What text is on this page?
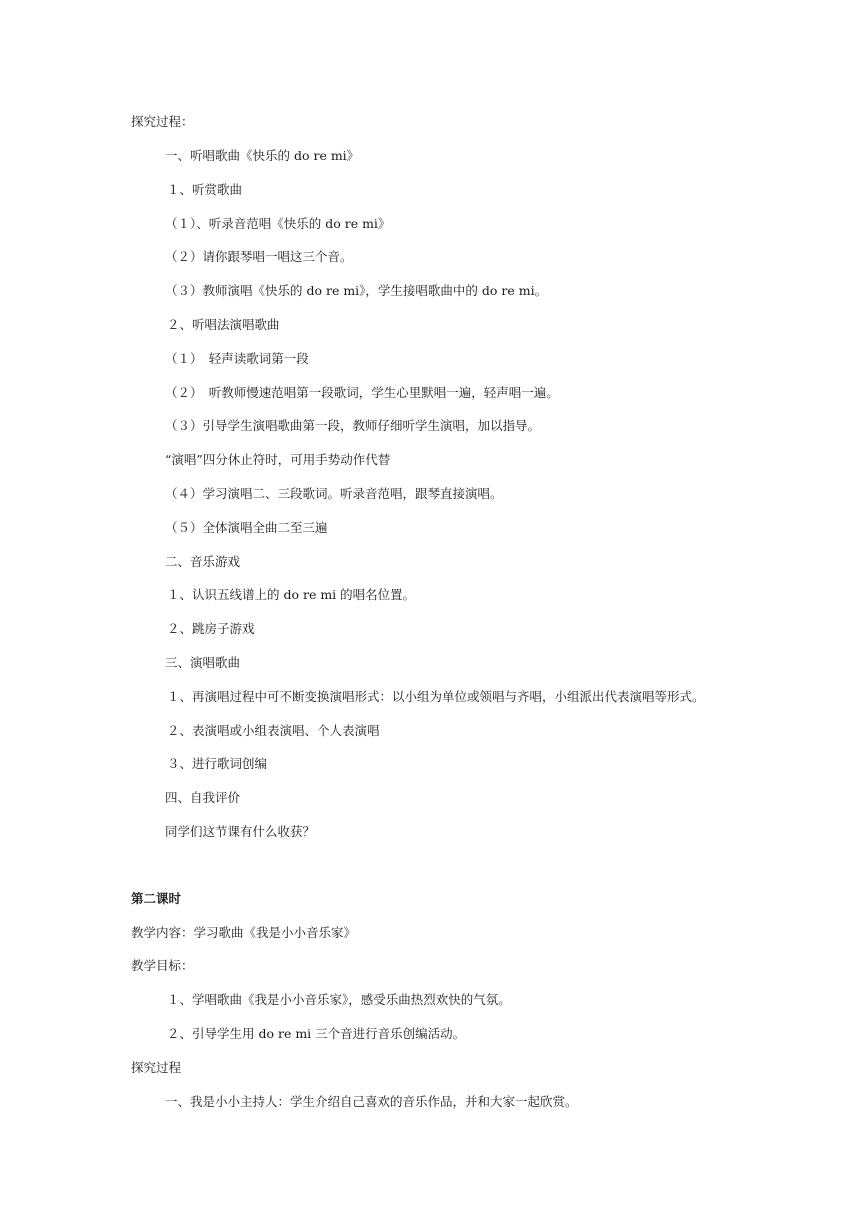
探究过程：
一、听唱歌曲《快乐的 do re mi》
１、听赏歌曲
（１）、听录音范唱《快乐的 do re mi》
（２）请你跟琴唱一唱这三个音。
（３）教师演唱《快乐的 do re mi》，学生接唱歌曲中的 do re mi。
２、听唱法演唱歌曲
（１）　轻声读歌词第一段
（２）　听教师慢速范唱第一段歌词，学生心里默唱一遍，轻声唱一遍。
（３）引导学生演唱歌曲第一段，教师仔细听学生演唱，加以指导。
“演唱”四分休止符时，可用手势动作代替
（４）学习演唱二、三段歌词。听录音范唱，跟琴直接演唱。
（５）全体演唱全曲二至三遍
二、音乐游戏
１、认识五线谱上的 do re mi 的唱名位置。
２、跳房子游戏
三、演唱歌曲
１、再演唱过程中可不断变换演唱形式：以小组为单位或领唱与齐唱，小组派出代表演唱等形式。
２、表演唱或小组表演唱、个人表演唱
３、进行歌词创编
四、自我评价
同学们这节课有什么收获？
第二课时
教学内容：学习歌曲《我是小小音乐家》
教学目标：
１、学唱歌曲《我是小小音乐家》，感受乐曲热烈欢快的气氛。
２、引导学生用 do re mi 三个音进行音乐创编活动。
探究过程
一、我是小小主持人：学生介绍自己喜欢的音乐作品，并和大家一起欣赏。
